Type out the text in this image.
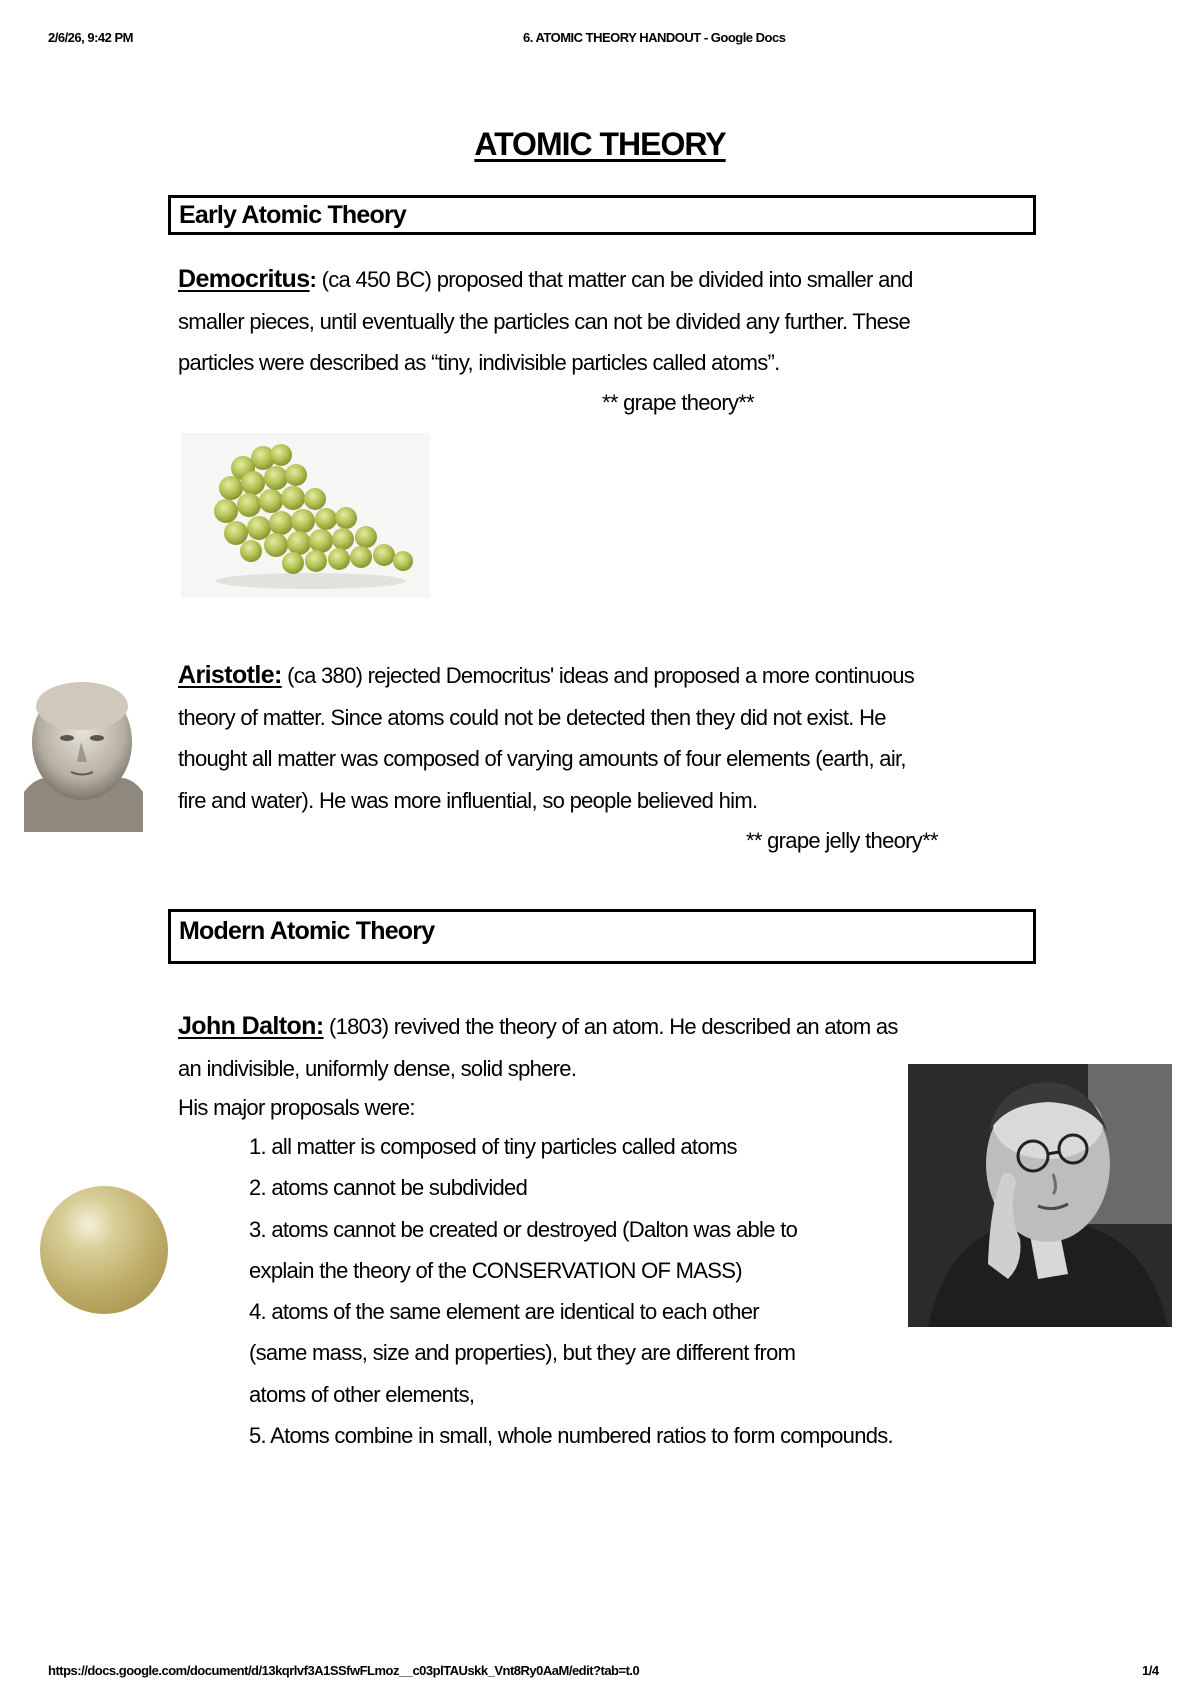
2/6/26, 9:42 PM	6. ATOMIC THEORY HANDOUT - Google Docs
ATOMIC THEORY
Early Atomic Theory
Democritus: (ca 450 BC) proposed that matter can be divided into smaller and
smaller pieces, until eventually the particles can not be divided any further. These
particles were described as “tiny, indivisible particles called atoms”.
** grape theory**
Aristotle: (ca 380) rejected Democritus' ideas and proposed a more continuous
theory of matter. Since atoms could not be detected then they did not exist. He
thought all matter was composed of varying amounts of four elements (earth, air,
fire and water). He was more influential, so people believed him.
** grape jelly theory**
Modern Atomic Theory
John Dalton: (1803) revived the theory of an atom. He described an atom as
an indivisible, uniformly dense, solid sphere.
His major proposals were:
1. all matter is composed of tiny particles called atoms
2. atoms cannot be subdivided
3. atoms cannot be created or destroyed (Dalton was able to
explain the theory of the CONSERVATION OF MASS)
4. atoms of the same element are identical to each other
(same mass, size and properties), but they are different from
atoms of other elements,
5. Atoms combine in small, whole numbered ratios to form compounds.
https://docs.google.com/document/d/13kqrlvf3A1SSfwFLmoz__c03plTAUskk_Vnt8Ry0AaM/edit?tab=t.0	1/4
